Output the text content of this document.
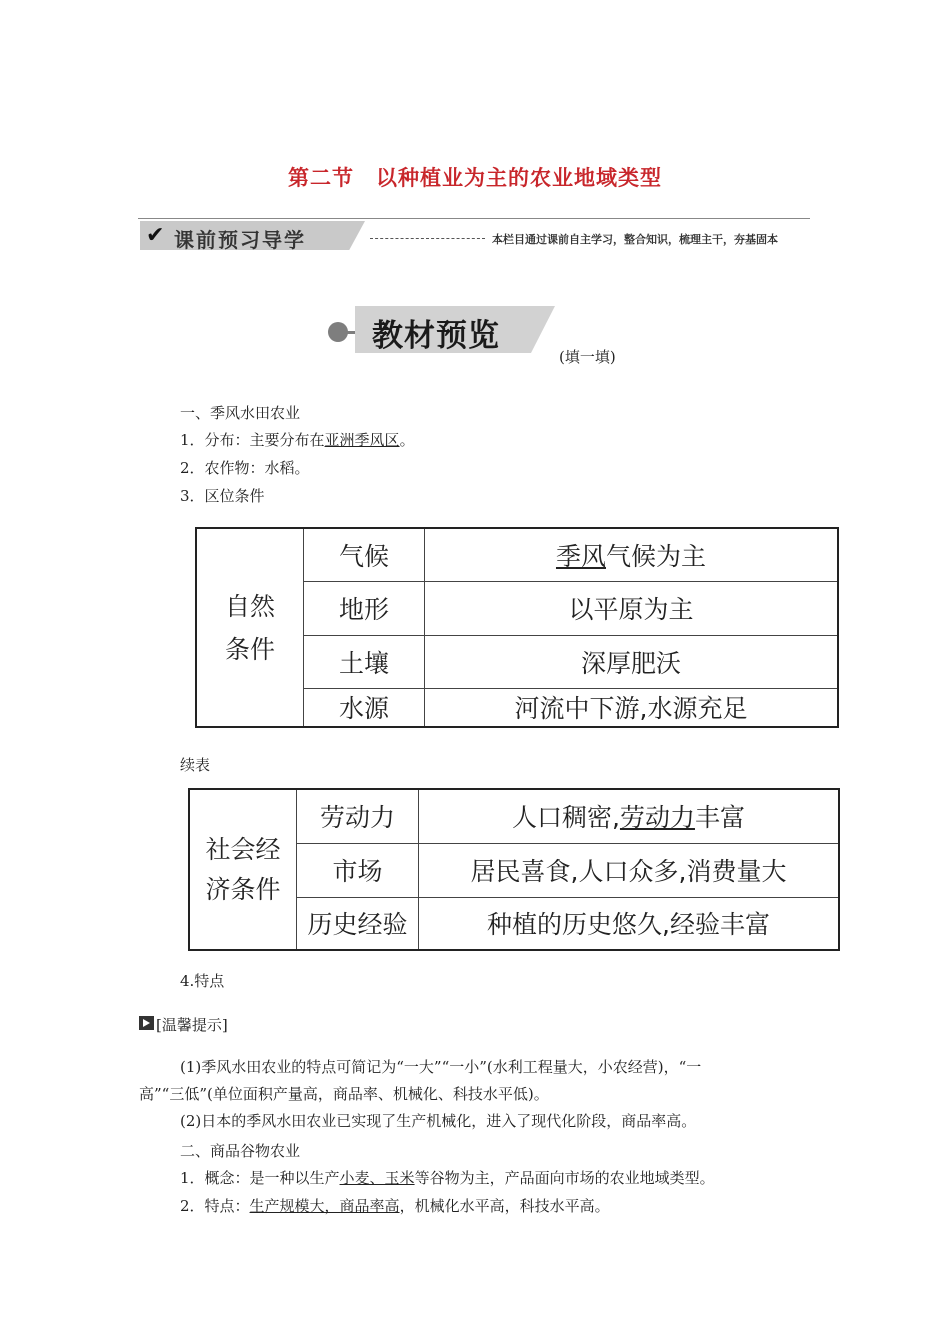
第二节 以种植业为主的农业地域类型
✔ 课前预习导学	本栏目通过课前自主学习，整合知识，梳理主干，夯基固本
教材预览
(填一填)
一、季风水田农业
1．分布：主要分布在亚洲季风区。
2．农作物：水稻。
3．区位条件
自然
条件	气候	季风气候为主
	地形	以平原为主
	土壤	深厚肥沃
	水源	河流中下游,水源充足
续表
社会经
济条件	劳动力	人口稠密,劳动力丰富
	市场	居民喜食,人口众多,消费量大
	历史经验	种植的历史悠久,经验丰富
4.特点
[温馨提示]
(1)季风水田农业的特点可简记为“一大”“一小”(水利工程量大，小农经营)，“一
高”“三低”(单位面积产量高，商品率、机械化、科技水平低)。
(2)日本的季风水田农业已实现了生产机械化，进入了现代化阶段，商品率高。
二、商品谷物农业
1．概念：是一种以生产小麦、玉米等谷物为主，产品面向市场的农业地域类型。
2．特点：生产规模大，商品率高，机械化水平高，科技水平高。
